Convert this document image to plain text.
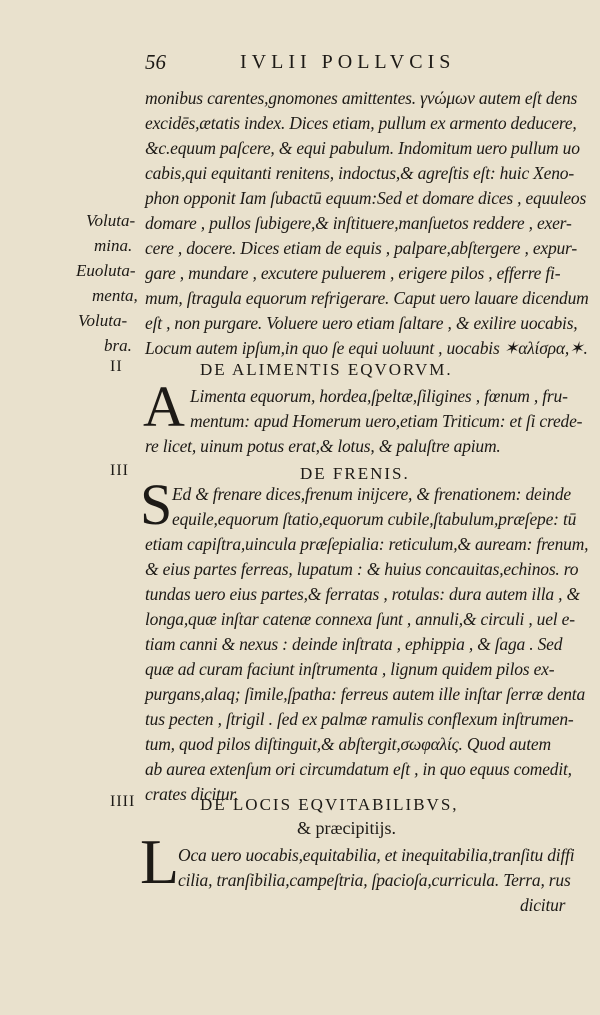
56	IVLII POLLVCIS
monibus carentes,gnomones amittentes. γνώμων autem eſt dens
excidēs,ætatis index. Dices etiam, pullum ex armento deducere,
&c.equum paſcere, & equi pabulum. Indomitum uero pullum uo
cabis,qui equitanti renitens, indoctus,& agreſtis eſt: huic Xeno-
phon opponit Iam ſubactū equum:Sed et domare dices , equuleos
domare , pullos ſubigere,& inſtituere,manſuetos reddere , exer-
cere , docere. Dices etiam de equis , palpare,abſtergere , expur-
gare , mundare , excutere puluerem , erigere pilos , efferre fi-
mum, ſtragula equorum refrigerare. Caput uero lauare dicendum
eſt , non purgare. Voluere uero etiam ſaltare , & exilire uocabis,
Locum autem ipſum,in quo ſe equi uoluunt , uocabis ✶αλίσρα,✶.
Voluta-
mina.
Euoluta-
menta,
Voluta-
bra.
II	DE ALIMENTIS EQVORVM.
A Limenta equorum, hordea,ſpeltæ,ſiligines , fœnum , fru-
mentum: apud Homerum uero,etiam Triticum: et ſi crede-
re licet, uinum potus erat,& lotus, & paluſtre apium.
III	DE FRENIS.
S Ed & frenare dices,frenum inijcere, & frenationem: deinde
equile,equorum ſtatio,equorum cubile,ſtabulum,præſepe: tū
etiam capiſtra,uincula præſepialia: reticulum,& auream: frenum,
& eius partes ferreas, lupatum : & huius concauitas,echinos. ro
tundas uero eius partes,& ferratas , rotulas: dura autem illa , &
longa,quæ inſtar catenæ connexa ſunt , annuli,& circuli , uel e-
tiam canni & nexus : deinde inſtrata , ephippia , & ſaga . Sed
quæ ad curam faciunt inſtrumenta , lignum quidem pilos ex-
purgans,alaq; ſimile,ſpatha: ferreus autem ille inſtar ſerræ denta
tus pecten , ſtrigil . ſed ex palmæ ramulis conflexum inſtrumen-
tum, quod pilos diſtinguit,& abſtergit,σωφαλίς. Quod autem
ab aurea extenſum ori circumdatum eſt , in quo equus comedit,
crates dicitur.
IIII	DE LOCIS EQVITABILIBVS,
& præcipitijs.
L
Oca uero uocabis,equitabilia, et inequitabilia,tranſitu diffi
cilia, tranſibilia,campeſtria, ſpacioſa,curricula. Terra, rus
dicitur
